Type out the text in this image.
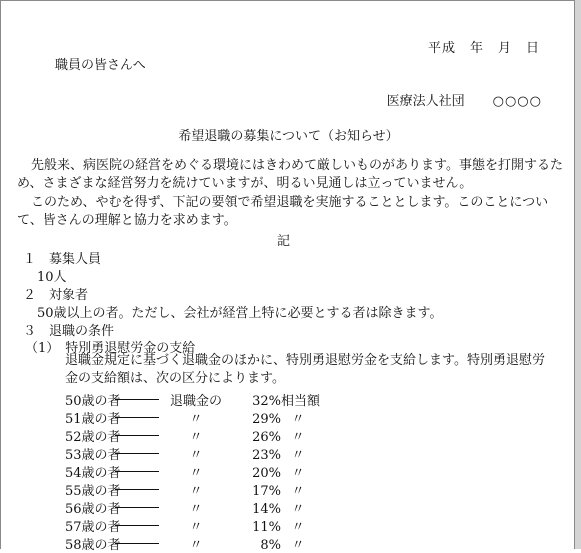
平成 年 月 日
職員の皆さんへ
医療法人社団 ○○○○
希望退職の募集について（お知らせ）
先般来、病医院の経営をめぐる環境にはきわめて厳しいものがあります。事態を打開するため、さまざまな経営努力を続けていますが、明るい見通しは立っていません。
このため、やむを得ず、下記の要領で希望退職を実施することとします。このことについて、皆さんの理解と協力を求めます。
記
１ 募集人員
10人
２ 対象者
50歳以上の者。ただし、会社が経営上特に必要とする者は除きます。
３ 退職の条件
（1） 特別勇退慰労金の支給
退職金規定に基づく退職金のほかに、特別勇退慰労金を支給します。特別勇退慰労金の支給額は、次の区分によります。
50歳の者	退職金の 32%相当額
51歳の者	〃	29% 〃
52歳の者	〃	26% 〃
53歳の者	〃	23% 〃
54歳の者	〃	20% 〃
55歳の者	〃	17% 〃
56歳の者	〃	14% 〃
57歳の者	〃	11% 〃
58歳の者	〃	8% 〃
